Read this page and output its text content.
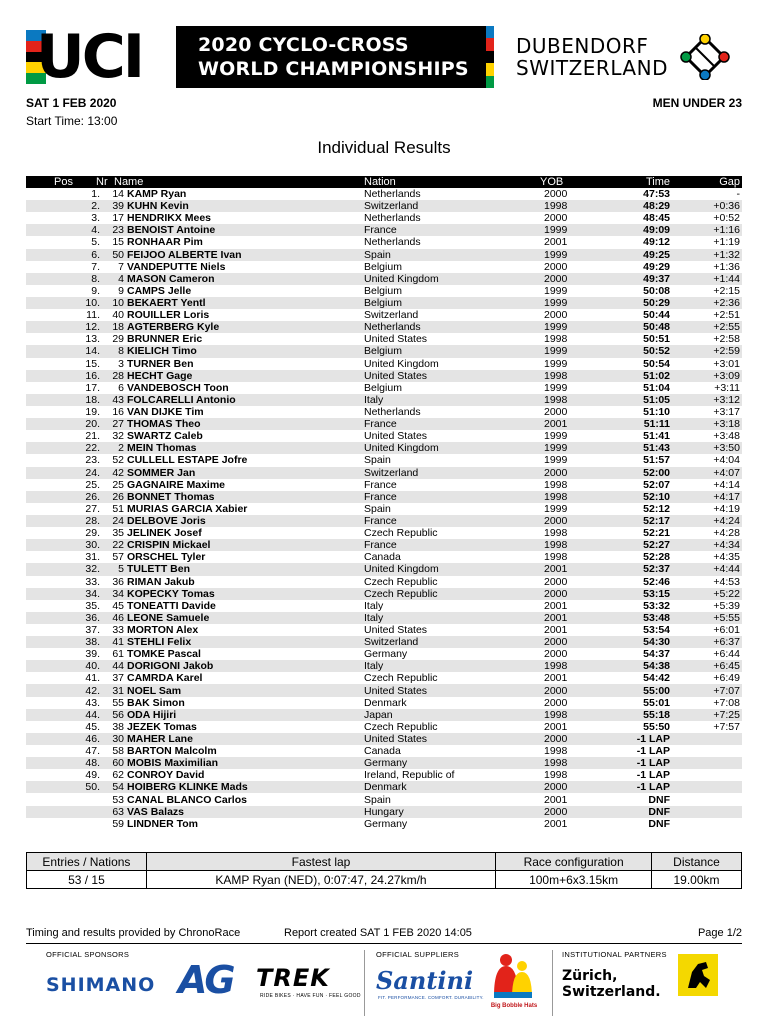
UCI	2020 CYCLO-CROSS
WORLD CHAMPIONSHIPS
DUBENDORF
SWITZERLAND
SAT 1 FEB 2020
Start Time: 13:00
MEN UNDER 23
Individual Results
Pos Nr Name	Nation	YOB	Time	Gap
1.	14 KAMP Ryan	Netherlands	2000	47:53	-
2.	39 KUHN Kevin	Switzerland	1998	48:29	+0:36
3.	17 HENDRIKX Mees	Netherlands	2000	48:45	+0:52
4.	23 BENOIST Antoine	France	1999	49:09	+1:16
5.	15 RONHAAR Pim	Netherlands	2001	49:12	+1:19
6.	50 FEIJOO ALBERTE Ivan	Spain	1999	49:25	+1:32
7.	7 VANDEPUTTE Niels	Belgium	2000	49:29	+1:36
8.	4 MASON Cameron	United Kingdom	2000	49:37	+1:44
9.	9 CAMPS Jelle	Belgium	1999	50:08	+2:15
10.	10 BEKAERT Yentl	Belgium	1999	50:29	+2:36
11.	40 ROUILLER Loris	Switzerland	2000	50:44	+2:51
12.	18 AGTERBERG Kyle	Netherlands	1999	50:48	+2:55
13.	29 BRUNNER Eric	United States	1998	50:51	+2:58
14.	8 KIELICH Timo	Belgium	1999	50:52	+2:59
15.	3 TURNER Ben	United Kingdom	1999	50:54	+3:01
16.	28 HECHT Gage	United States	1998	51:02	+3:09
17.	6 VANDEBOSCH Toon	Belgium	1999	51:04	+3:11
18.	43 FOLCARELLI Antonio	Italy	1998	51:05	+3:12
19.	16 VAN DIJKE Tim	Netherlands	2000	51:10	+3:17
20.	27 THOMAS Theo	France	2001	51:11	+3:18
21.	32 SWARTZ Caleb	United States	1999	51:41	+3:48
22.	2 MEIN Thomas	United Kingdom	1999	51:43	+3:50
23.	52 CULLELL ESTAPE Jofre	Spain	1999	51:57	+4:04
24.	42 SOMMER Jan	Switzerland	2000	52:00	+4:07
25.	25 GAGNAIRE Maxime	France	1998	52:07	+4:14
26.	26 BONNET Thomas	France	1998	52:10	+4:17
27.	51 MURIAS GARCIA Xabier	Spain	1999	52:12	+4:19
28.	24 DELBOVE Joris	France	2000	52:17	+4:24
29.	35 JELINEK Josef	Czech Republic	1998	52:21	+4:28
30.	22 CRISPIN Mickael	France	1998	52:27	+4:34
31.	57 ORSCHEL Tyler	Canada	1998	52:28	+4:35
32.	5 TULETT Ben	United Kingdom	2001	52:37	+4:44
33.	36 RIMAN Jakub	Czech Republic	2000	52:46	+4:53
34.	34 KOPECKY Tomas	Czech Republic	2000	53:15	+5:22
35.	45 TONEATTI Davide	Italy	2001	53:32	+5:39
36.	46 LEONE Samuele	Italy	2001	53:48	+5:55
37.	33 MORTON Alex	United States	2001	53:54	+6:01
38.	41 STEHLI Felix	Switzerland	2000	54:30	+6:37
39.	61 TOMKE Pascal	Germany	2000	54:37	+6:44
40.	44 DORIGONI Jakob	Italy	1998	54:38	+6:45
41.	37 CAMRDA Karel	Czech Republic	2001	54:42	+6:49
42.	31 NOEL Sam	United States	2000	55:00	+7:07
43.	55 BAK Simon	Denmark	2000	55:01	+7:08
44.	56 ODA Hijiri	Japan	1998	55:18	+7:25
45.	38 JEZEK Tomas	Czech Republic	2001	55:50	+7:57
46.	30 MAHER Lane	United States	2000	-1 LAP
47.	58 BARTON Malcolm	Canada	1998	-1 LAP
48.	60 MOBIS Maximilian	Germany	1998	-1 LAP
49.	62 CONROY David	Ireland, Republic of	1998	-1 LAP
50.	54 HOIBERG KLINKE Mads	Denmark	2000	-1 LAP
53 CANAL BLANCO Carlos	Spain	2001	DNF
63 VAS Balazs	Hungary	2000	DNF
59 LINDNER Tom	Germany	2001	DNF
Entries / Nations	Fastest lap	Race configuration	Distance
53 / 15	KAMP Ryan (NED), 0:07:47, 24.27km/h	100m+6x3.15km	19.00km
Timing and results provided by ChronoRace	Report created SAT 1 FEB 2020 14:05	Page 1/2
OFFICIAL SPONSORS
SHIMANO AG TREK
RIDE BIKES · HAVE FUN · FEEL GOOD
OFFICIAL SUPPLIERS
Santini
FIT. PERFORMANCE. COMFORT. DURABILITY.
Big Bobble Hats
INSTITUTIONAL PARTNERS
Zürich,
Switzerland.
